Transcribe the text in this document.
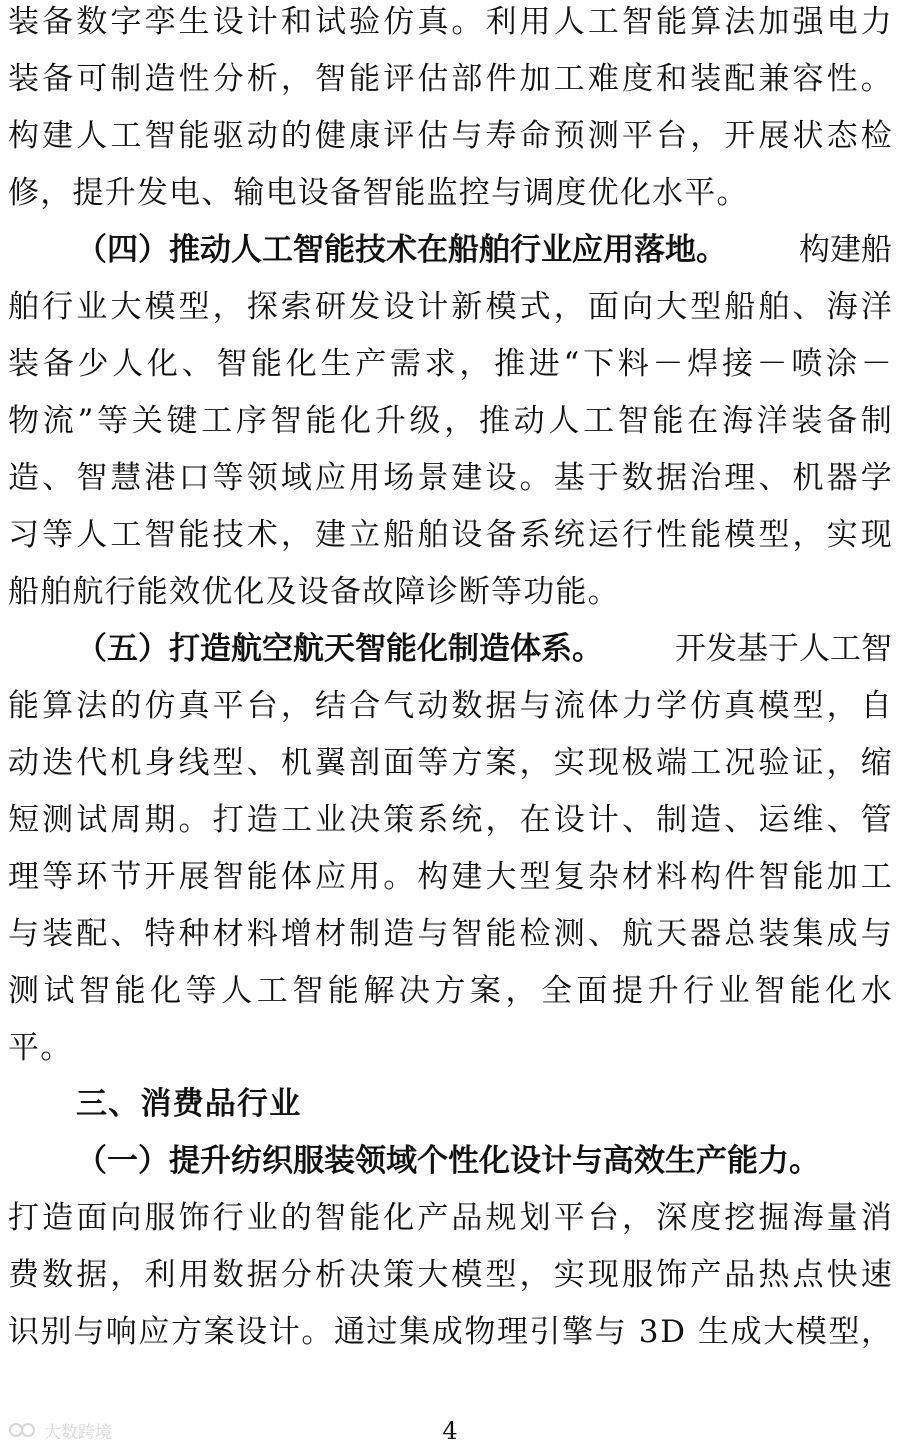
装 备 数 字 孪 生 设 计 和 试 验 仿 真 。 利 用 人 工 智 能 算 法 加 强 电 力
装 备 可 制 造 性 分 析 ， 智 能 评 估 部 件 加 工 难 度 和 装 配 兼 容 性 。
构 建 人 工 智 能 驱 动 的 健 康 评 估 与 寿 命 预 测 平 台 ， 开 展 状 态 检
修，提升发电、输电设备智能监控与调度优化水平。
（四）推动人工智能技术在船舶行业应用落地。 构建船
舶 行 业 大 模 型 ， 探 索 研 发 设 计 新 模 式 ， 面 向 大 型 船 舶 、 海 洋
装 备 少 人 化 、 智 能 化 生 产 需 求 ， 推 进 “ 下 料 － 焊 接 － 喷 涂 －
物 流 ” 等 关 键 工 序 智 能 化 升 级 ， 推 动 人 工 智 能 在 海 洋 装 备 制
造 、 智 慧 港 口 等 领 域 应 用 场 景 建 设 。 基 于 数 据 治 理 、 机 器 学
习 等 人 工 智 能 技 术 ， 建 立 船 舶 设 备 系 统 运 行 性 能 模 型 ， 实 现
船舶航行能效优化及设备故障诊断等功能。
（五）打造航空航天智能化制造体系。 开发基于人工智
能 算 法 的 仿 真 平 台 ， 结 合 气 动 数 据 与 流 体 力 学 仿 真 模 型 ， 自
动 迭 代 机 身 线 型 、 机 翼 剖 面 等 方 案 ， 实 现 极 端 工 况 验 证 ， 缩
短 测 试 周 期 。 打 造 工 业 决 策 系 统 ， 在 设 计 、 制 造 、 运 维 、 管
理 等 环 节 开 展 智 能 体 应 用 。 构 建 大 型 复 杂 材 料 构 件 智 能 加 工
与 装 配 、 特 种 材 料 增 材 制 造 与 智 能 检 测 、 航 天 器 总 装 集 成 与
测 试 智 能 化 等 人 工 智 能 解 决 方 案 ， 全 面 提 升 行 业 智 能 化 水
平。
三、消费品行业
（一）提升纺织服装领域个性化设计与高效生产能力。
打 造 面 向 服 饰 行 业 的 智 能 化 产 品 规 划 平 台 ， 深 度 挖 掘 海 量 消
费 数 据 ， 利 用 数 据 分 析 决 策 大 模 型 ， 实 现 服 饰 产 品 热 点 快 速
识 别 与 响 应 方 案 设 计 。 通 过 集 成 物 理 引 擎 与
3 D
生 成 大 模 型 ，
大数跨境	4
